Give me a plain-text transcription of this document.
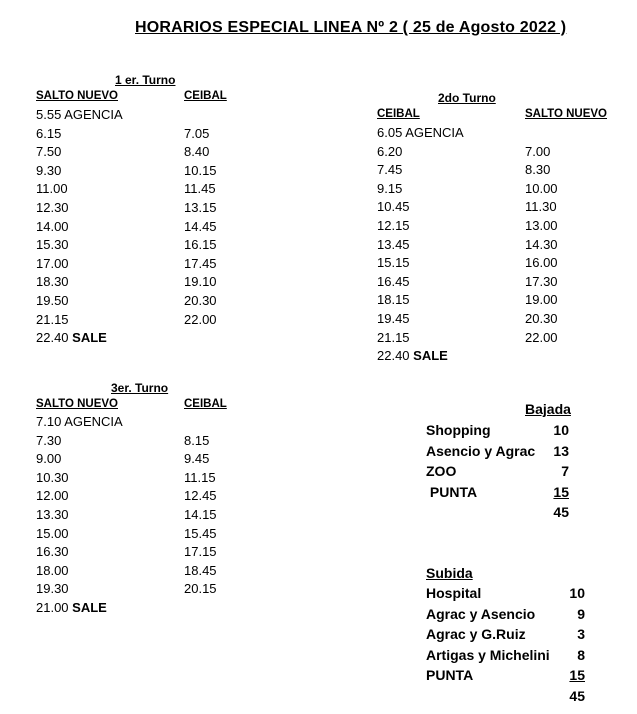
HORARIOS ESPECIAL LINEA Nº 2 ( 25 de Agosto 2022 )
1 er. Turno
SALTO NUEVO	CEIBAL
5.55 AGENCIA
6.15	7.05
7.50	8.40
9.30	10.15
11.00	11.45
12.30	13.15
14.00	14.45
15.30	16.15
17.00	17.45
18.30	19.10
19.50	20.30
21.15	22.00
22.40 SALE
2do Turno
CEIBAL	SALTO NUEVO
6.05 AGENCIA
6.20	7.00
7.45	8.30
9.15	10.00
10.45	11.30
12.15	13.00
13.45	14.30
15.15	16.00
16.45	17.30
18.15	19.00
19.45	20.30
21.15	22.00
22.40 SALE
3er. Turno
SALTO NUEVO	CEIBAL
7.10 AGENCIA
7.30	8.15
9.00	9.45
10.30	11.15
12.00	12.45
13.30	14.15
15.00	15.45
16.30	17.15
18.00	18.45
19.30	20.15
21.00 SALE
Bajada
Shopping	10
Asencio y Agrac	13
ZOO	7
PUNTA	15
45
Subida
Hospital	10
Agrac y Asencio	9
Agrac y G.Ruiz	3
Artigas y Michelini	8
PUNTA	15
45
